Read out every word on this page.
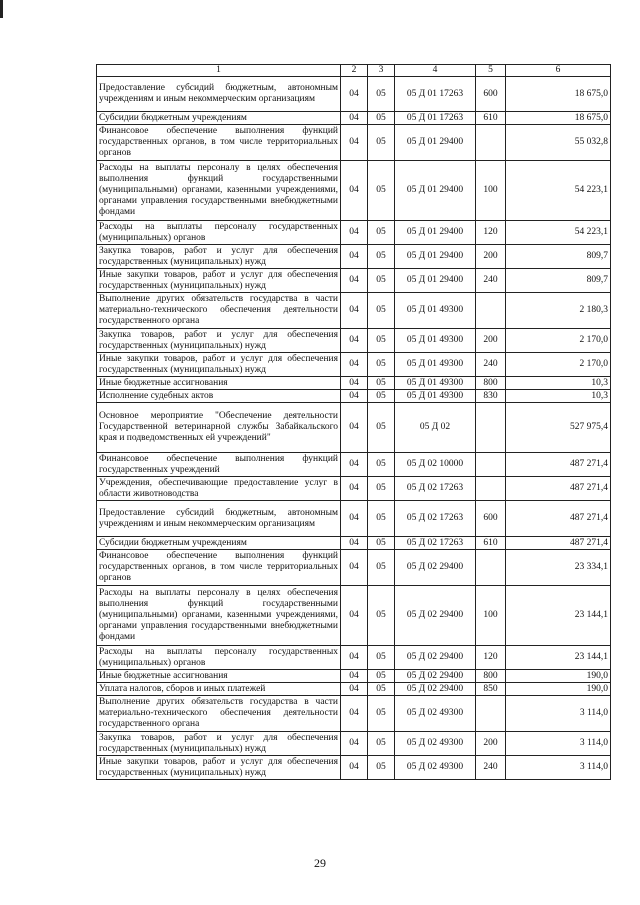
1	2	3	4	5	6
Предоставление субсидий бюджетным, автономным учреждениям и иным некоммерческим организациям	04	05	05 Д 01 17263	600	18 675,0
Субсидии бюджетным учреждениям	04	05	05 Д 01 17263	610	18 675,0
Финансовое обеспечение выполнения функций государственных органов, в том числе территориальных органов	04	05	05 Д 01 29400		55 032,8
Расходы на выплаты персоналу в целях обеспечения выполнения функций государственными (муниципальными) органами, казенными учреждениями, органами управления государственными внебюджетными фондами	04	05	05 Д 01 29400	100	54 223,1
Расходы на выплаты персоналу государственных (муниципальных) органов	04	05	05 Д 01 29400	120	54 223,1
Закупка товаров, работ и услуг для обеспечения государственных (муниципальных) нужд	04	05	05 Д 01 29400	200	809,7
Иные закупки товаров, работ и услуг для обеспечения государственных (муниципальных) нужд	04	05	05 Д 01 29400	240	809,7
Выполнение других обязательств государства в части материально-технического обеспечения деятельности государственного органа	04	05	05 Д 01 49300		2 180,3
Закупка товаров, работ и услуг для обеспечения государственных (муниципальных) нужд	04	05	05 Д 01 49300	200	2 170,0
Иные закупки товаров, работ и услуг для обеспечения государственных (муниципальных) нужд	04	05	05 Д 01 49300	240	2 170,0
Иные бюджетные ассигнования	04	05	05 Д 01 49300	800	10,3
Исполнение судебных актов	04	05	05 Д 01 49300	830	10,3
Основное мероприятие "Обеспечение деятельности Государственной ветеринарной службы Забайкальского края и подведомственных ей учреждений"	04	05	05 Д 02		527 975,4
Финансовое обеспечение выполнения функций государственных учреждений	04	05	05 Д 02 10000		487 271,4
Учреждения, обеспечивающие предоставление услуг в области животноводства	04	05	05 Д 02 17263		487 271,4
Предоставление субсидий бюджетным, автономным учреждениям и иным некоммерческим организациям	04	05	05 Д 02 17263	600	487 271,4
Субсидии бюджетным учреждениям	04	05	05 Д 02 17263	610	487 271,4
Финансовое обеспечение выполнения функций государственных органов, в том числе территориальных органов	04	05	05 Д 02 29400		23 334,1
Расходы на выплаты персоналу в целях обеспечения выполнения функций государственными (муниципальными) органами, казенными учреждениями, органами управления государственными внебюджетными фондами	04	05	05 Д 02 29400	100	23 144,1
Расходы на выплаты персоналу государственных (муниципальных) органов	04	05	05 Д 02 29400	120	23 144,1
Иные бюджетные ассигнования	04	05	05 Д 02 29400	800	190,0
Уплата налогов, сборов и иных платежей	04	05	05 Д 02 29400	850	190,0
Выполнение других обязательств государства в части материально-технического обеспечения деятельности государственного органа	04	05	05 Д 02 49300		3 114,0
Закупка товаров, работ и услуг для обеспечения государственных (муниципальных) нужд	04	05	05 Д 02 49300	200	3 114,0
Иные закупки товаров, работ и услуг для обеспечения государственных (муниципальных) нужд	04	05	05 Д 02 49300	240	3 114,0
29
